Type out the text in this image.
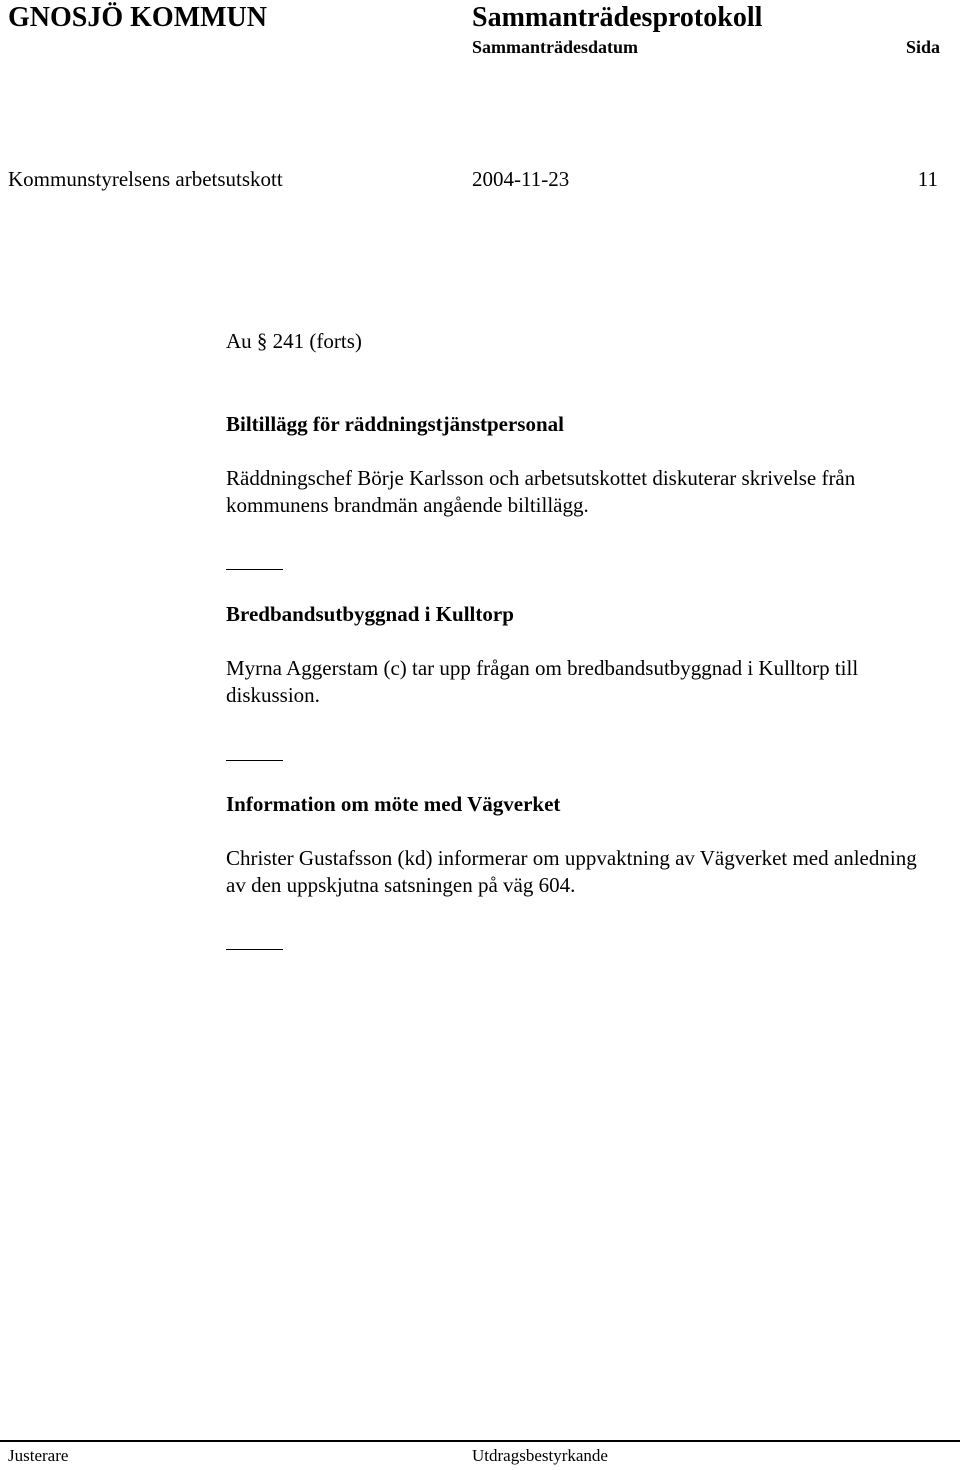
GNOSJÖ KOMMUN	Sammanträdesprotokoll
Sammanträdesdatum	Sida
Kommunstyrelsens arbetsutskott	2004-11-23	11
Au § 241 (forts)
Biltillägg för räddningstjänstpersonal
Räddningschef Börje Karlsson och arbetsutskottet diskuterar skrivelse från kommunens brandmän angående biltillägg.
Bredbandsutbyggnad i Kulltorp
Myrna Aggerstam (c) tar upp frågan om bredbandsutbyggnad i Kulltorp till diskussion.
Information om möte med Vägverket
Christer Gustafsson (kd) informerar om uppvaktning av Vägverket med anledning av den uppskjutna satsningen på väg 604.
Justerare	Utdragsbestyrkande
